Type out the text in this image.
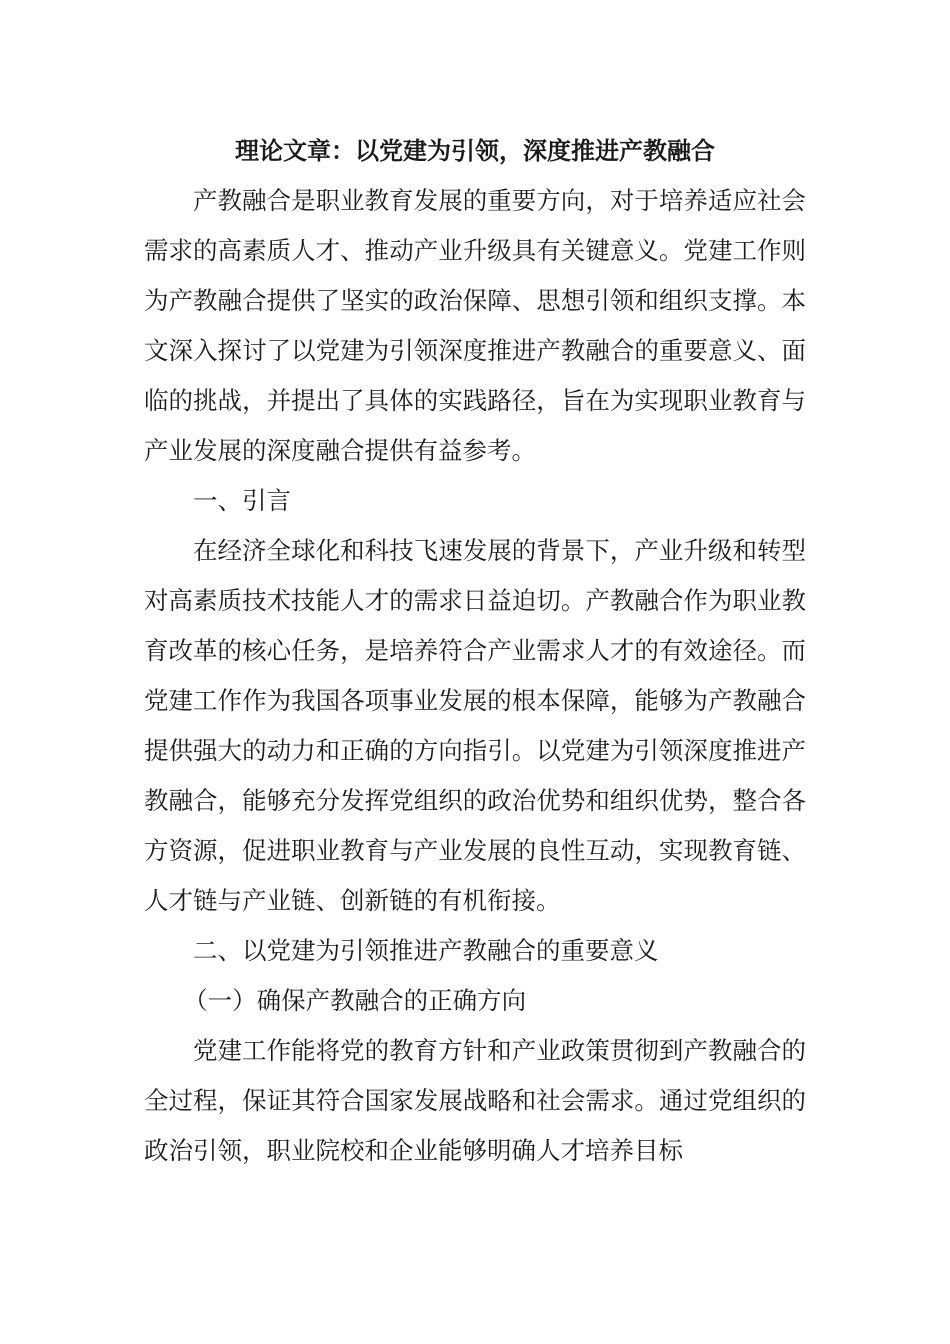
理论文章：以党建为引领，深度推进产教融合

产教融合是职业教育发展的重要方向，对于培养适应社会需求的高素质人才、推动产业升级具有关键意义。党建工作则为产教融合提供了坚实的政治保障、思想引领和组织支撑。本文深入探讨了以党建为引领深度推进产教融合的重要意义、面临的挑战，并提出了具体的实践路径，旨在为实现职业教育与产业发展的深度融合提供有益参考。

一、引言

在经济全球化和科技飞速发展的背景下，产业升级和转型对高素质技术技能人才的需求日益迫切。产教融合作为职业教育改革的核心任务，是培养符合产业需求人才的有效途径。而党建工作作为我国各项事业发展的根本保障，能够为产教融合提供强大的动力和正确的方向指引。以党建为引领深度推进产教融合，能够充分发挥党组织的政治优势和组织优势，整合各方资源，促进职业教育与产业发展的良性互动，实现教育链、人才链与产业链、创新链的有机衔接。

二、以党建为引领推进产教融合的重要意义

（一）确保产教融合的正确方向

党建工作能将党的教育方针和产业政策贯彻到产教融合的全过程，保证其符合国家发展战略和社会需求。通过党组织的政治引领，职业院校和企业能够明确人才培养目标
